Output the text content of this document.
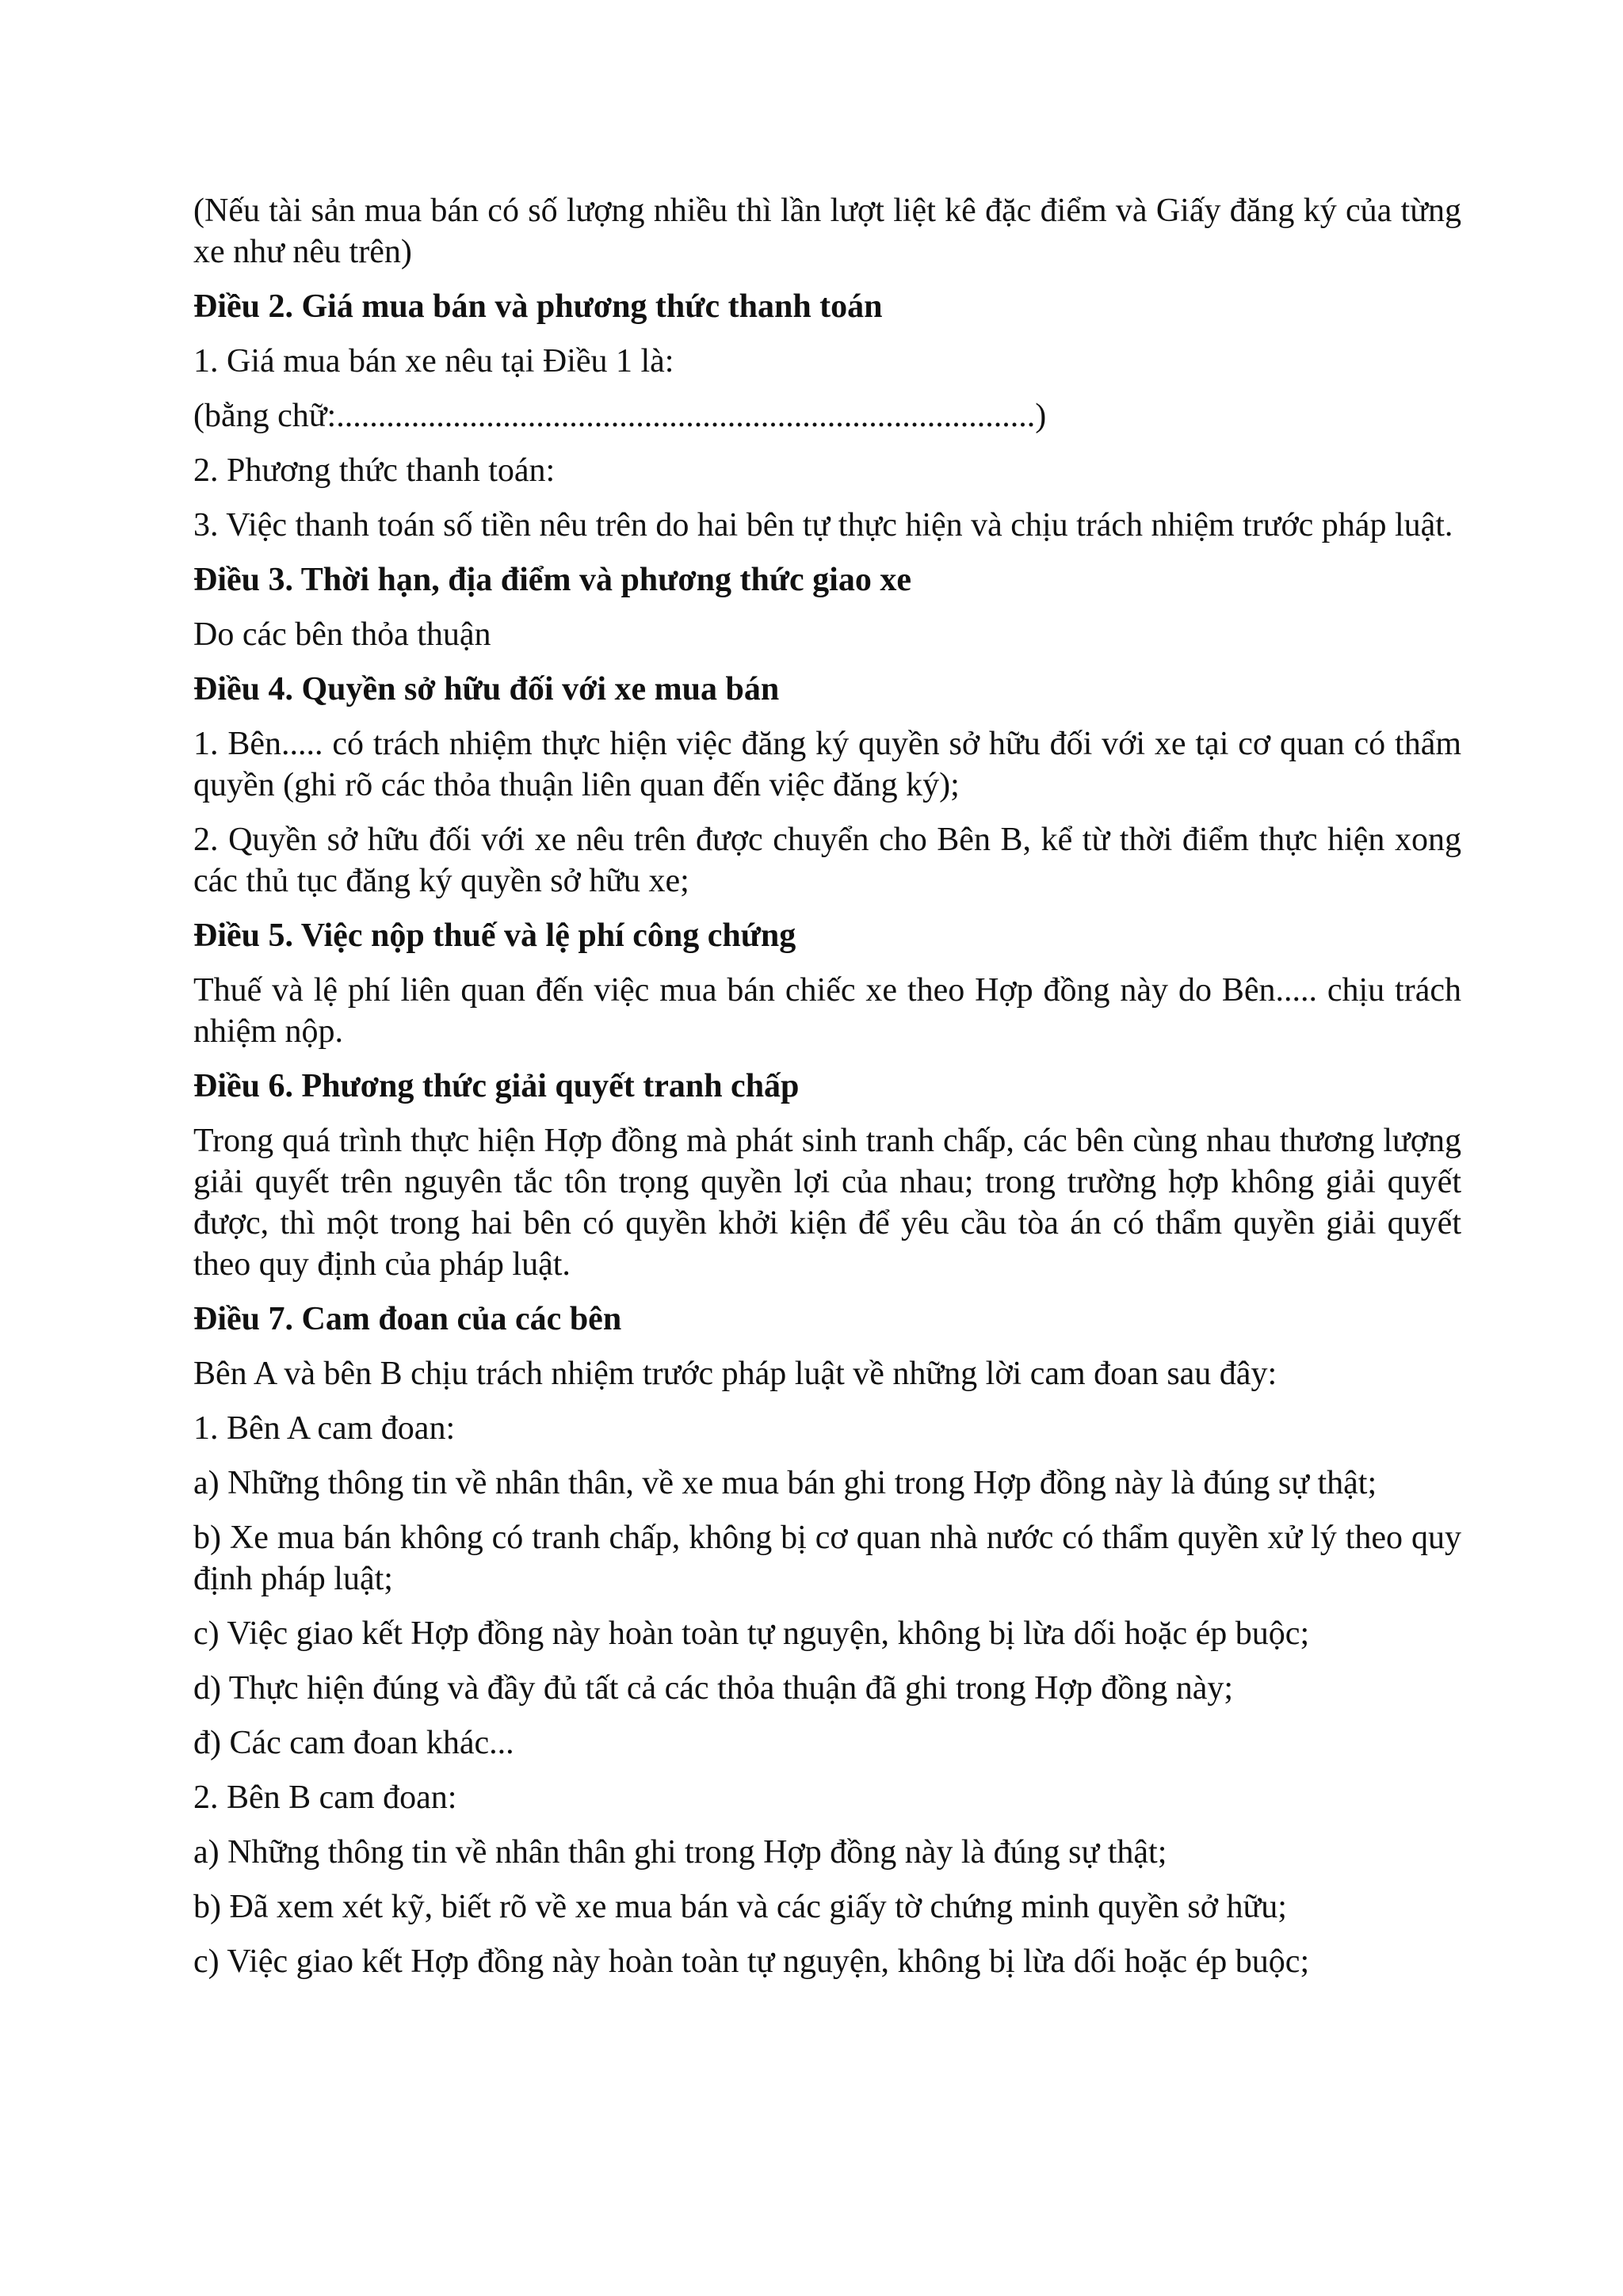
(Nếu tài sản mua bán có số lượng nhiều thì lần lượt liệt kê đặc điểm và Giấy đăng ký của từng xe như nêu trên)

Điều 2. Giá mua bán và phương thức thanh toán

1. Giá mua bán xe nêu tại Điều 1 là:

(bằng chữ:....................................................................................)

2. Phương thức thanh toán:

3. Việc thanh toán số tiền nêu trên do hai bên tự thực hiện và chịu trách nhiệm trước pháp luật.

Điều 3. Thời hạn, địa điểm và phương thức giao xe

Do các bên thỏa thuận

Điều 4. Quyền sở hữu đối với xe mua bán

1. Bên..... có trách nhiệm thực hiện việc đăng ký quyền sở hữu đối với xe tại cơ quan có thẩm quyền (ghi rõ các thỏa thuận liên quan đến việc đăng ký);

2. Quyền sở hữu đối với xe nêu trên được chuyển cho Bên B, kể từ thời điểm thực hiện xong các thủ tục đăng ký quyền sở hữu xe;

Điều 5. Việc nộp thuế và lệ phí công chứng

Thuế và lệ phí liên quan đến việc mua bán chiếc xe theo Hợp đồng này do Bên..... chịu trách nhiệm nộp.

Điều 6. Phương thức giải quyết tranh chấp

Trong quá trình thực hiện Hợp đồng mà phát sinh tranh chấp, các bên cùng nhau thương lượng giải quyết trên nguyên tắc tôn trọng quyền lợi của nhau; trong trường hợp không giải quyết được, thì một trong hai bên có quyền khởi kiện để yêu cầu tòa án có thẩm quyền giải quyết theo quy định của pháp luật.

Điều 7. Cam đoan của các bên

Bên A và bên B chịu trách nhiệm trước pháp luật về những lời cam đoan sau đây:

1. Bên A cam đoan:

a) Những thông tin về nhân thân, về xe mua bán ghi trong Hợp đồng này là đúng sự thật;

b) Xe mua bán không có tranh chấp, không bị cơ quan nhà nước có thẩm quyền xử lý theo quy định pháp luật;

c) Việc giao kết Hợp đồng này hoàn toàn tự nguyện, không bị lừa dối hoặc ép buộc;

d) Thực hiện đúng và đầy đủ tất cả các thỏa thuận đã ghi trong Hợp đồng này;

đ) Các cam đoan khác...

2. Bên B cam đoan:

a) Những thông tin về nhân thân ghi trong Hợp đồng này là đúng sự thật;

b) Đã xem xét kỹ, biết rõ về xe mua bán và các giấy tờ chứng minh quyền sở hữu;

c) Việc giao kết Hợp đồng này hoàn toàn tự nguyện, không bị lừa dối hoặc ép buộc;
